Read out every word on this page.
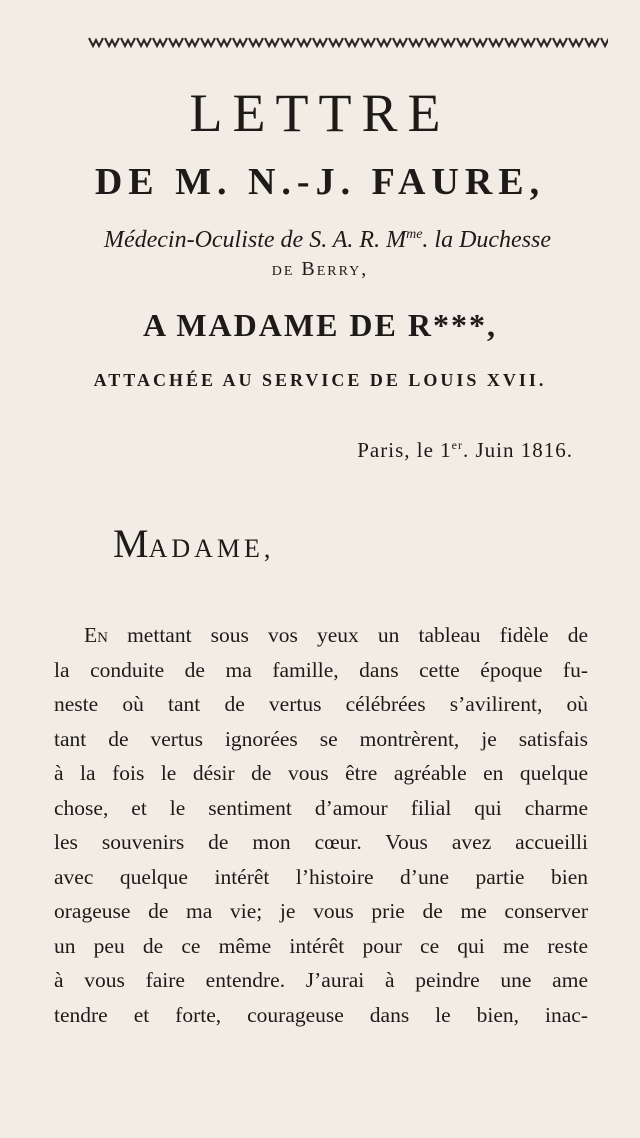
LETTRE
DE M. N.-J. FAURE,
Médecin-Oculiste de S. A. R. $M^{me}$. la Duchesse
de Berry,
A MADAME DE R***,
ATTACHÉE AU SERVICE DE LOUIS XVII.
Paris, le 1er. Juin 1816.
MADAME,
En mettant sous vos yeux un tableau fidèle de
la conduite de ma famille, dans cette époque fu-
neste où tant de vertus célébrées s’avilirent, où
tant de vertus ignorées se montrèrent, je satisfais
à la fois le désir de vous être agréable en quelque
chose, et le sentiment d’amour filial qui charme
les souvenirs de mon cœur. Vous avez accueilli
avec quelque intérêt l’histoire d’une partie bien
orageuse de ma vie; je vous prie de me conserver
un peu de ce même intérêt pour ce qui me reste
à vous faire entendre. J’aurai à peindre une ame
tendre et forte, courageuse dans le bien, inac-
